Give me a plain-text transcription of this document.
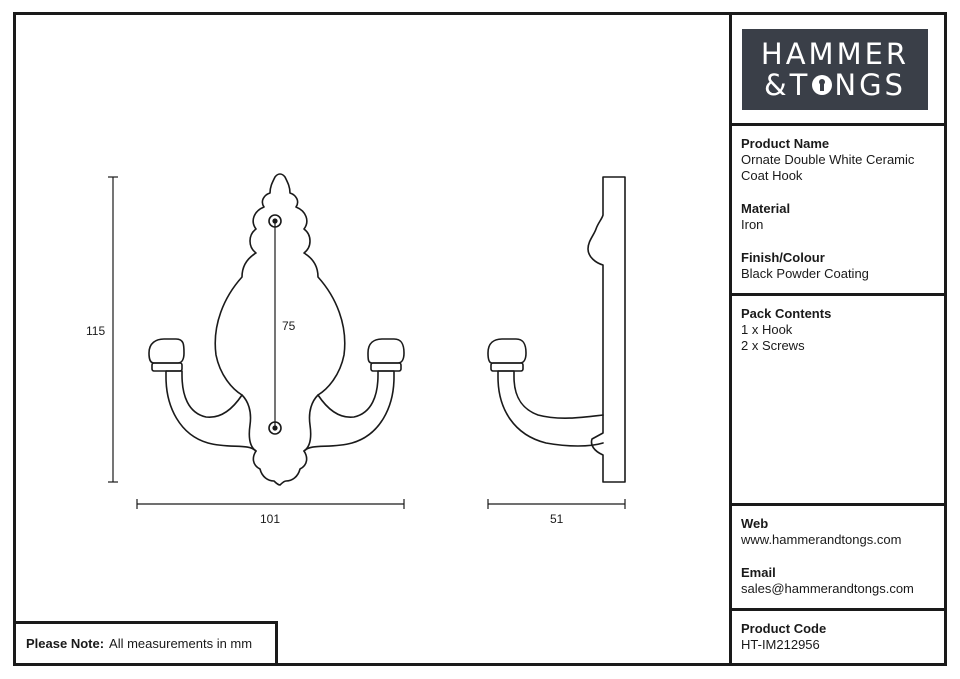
115	75
101	51
Please Note: All measurements in mm
HAMMER
&T NGS
Product Name
Ornate Double White Ceramic
Coat Hook
Material
Iron
Finish/Colour
Black Powder Coating
Pack Contents
1 x Hook
2 x Screws
Web
www.hammerandtongs.com
Email
sales@hammerandtongs.com
Product Code
HT-IM212956
